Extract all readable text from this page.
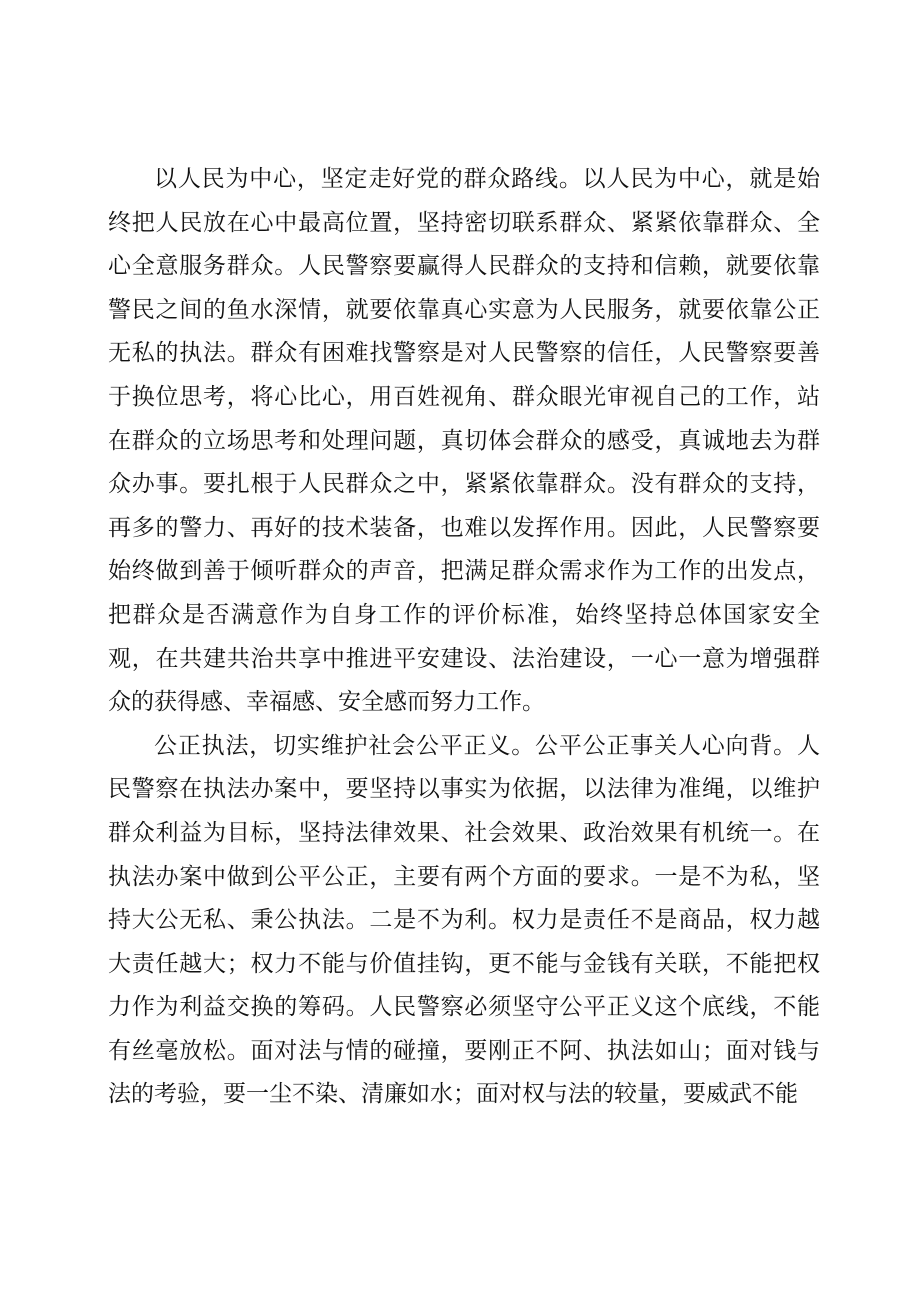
以人民为中心，坚定走好党的群众路线。以人民为中心，就是始终把人民放在心中最高位置，坚持密切联系群众、紧紧依靠群众、全心全意服务群众。人民警察要赢得人民群众的支持和信赖，就要依靠警民之间的鱼水深情，就要依靠真心实意为人民服务，就要依靠公正无私的执法。群众有困难找警察是对人民警察的信任，人民警察要善于换位思考，将心比心，用百姓视角、群众眼光审视自己的工作，站在群众的立场思考和处理问题，真切体会群众的感受，真诚地去为群众办事。要扎根于人民群众之中，紧紧依靠群众。没有群众的支持，再多的警力、再好的技术装备，也难以发挥作用。因此，人民警察要始终做到善于倾听群众的声音，把满足群众需求作为工作的出发点，把群众是否满意作为自身工作的评价标准，始终坚持总体国家安全观，在共建共治共享中推进平安建设、法治建设，一心一意为增强群众的获得感、幸福感、安全感而努力工作。

公正执法，切实维护社会公平正义。公平公正事关人心向背。人民警察在执法办案中，要坚持以事实为依据，以法律为准绳，以维护群众利益为目标，坚持法律效果、社会效果、政治效果有机统一。在执法办案中做到公平公正，主要有两个方面的要求。一是不为私，坚持大公无私、秉公执法。二是不为利。权力是责任不是商品，权力越大责任越大；权力不能与价值挂钩，更不能与金钱有关联，不能把权力作为利益交换的筹码。人民警察必须坚守公平正义这个底线，不能有丝毫放松。面对法与情的碰撞，要刚正不阿、执法如山；面对钱与法的考验，要一尘不染、清廉如水；面对权与法的较量，要威武不能
